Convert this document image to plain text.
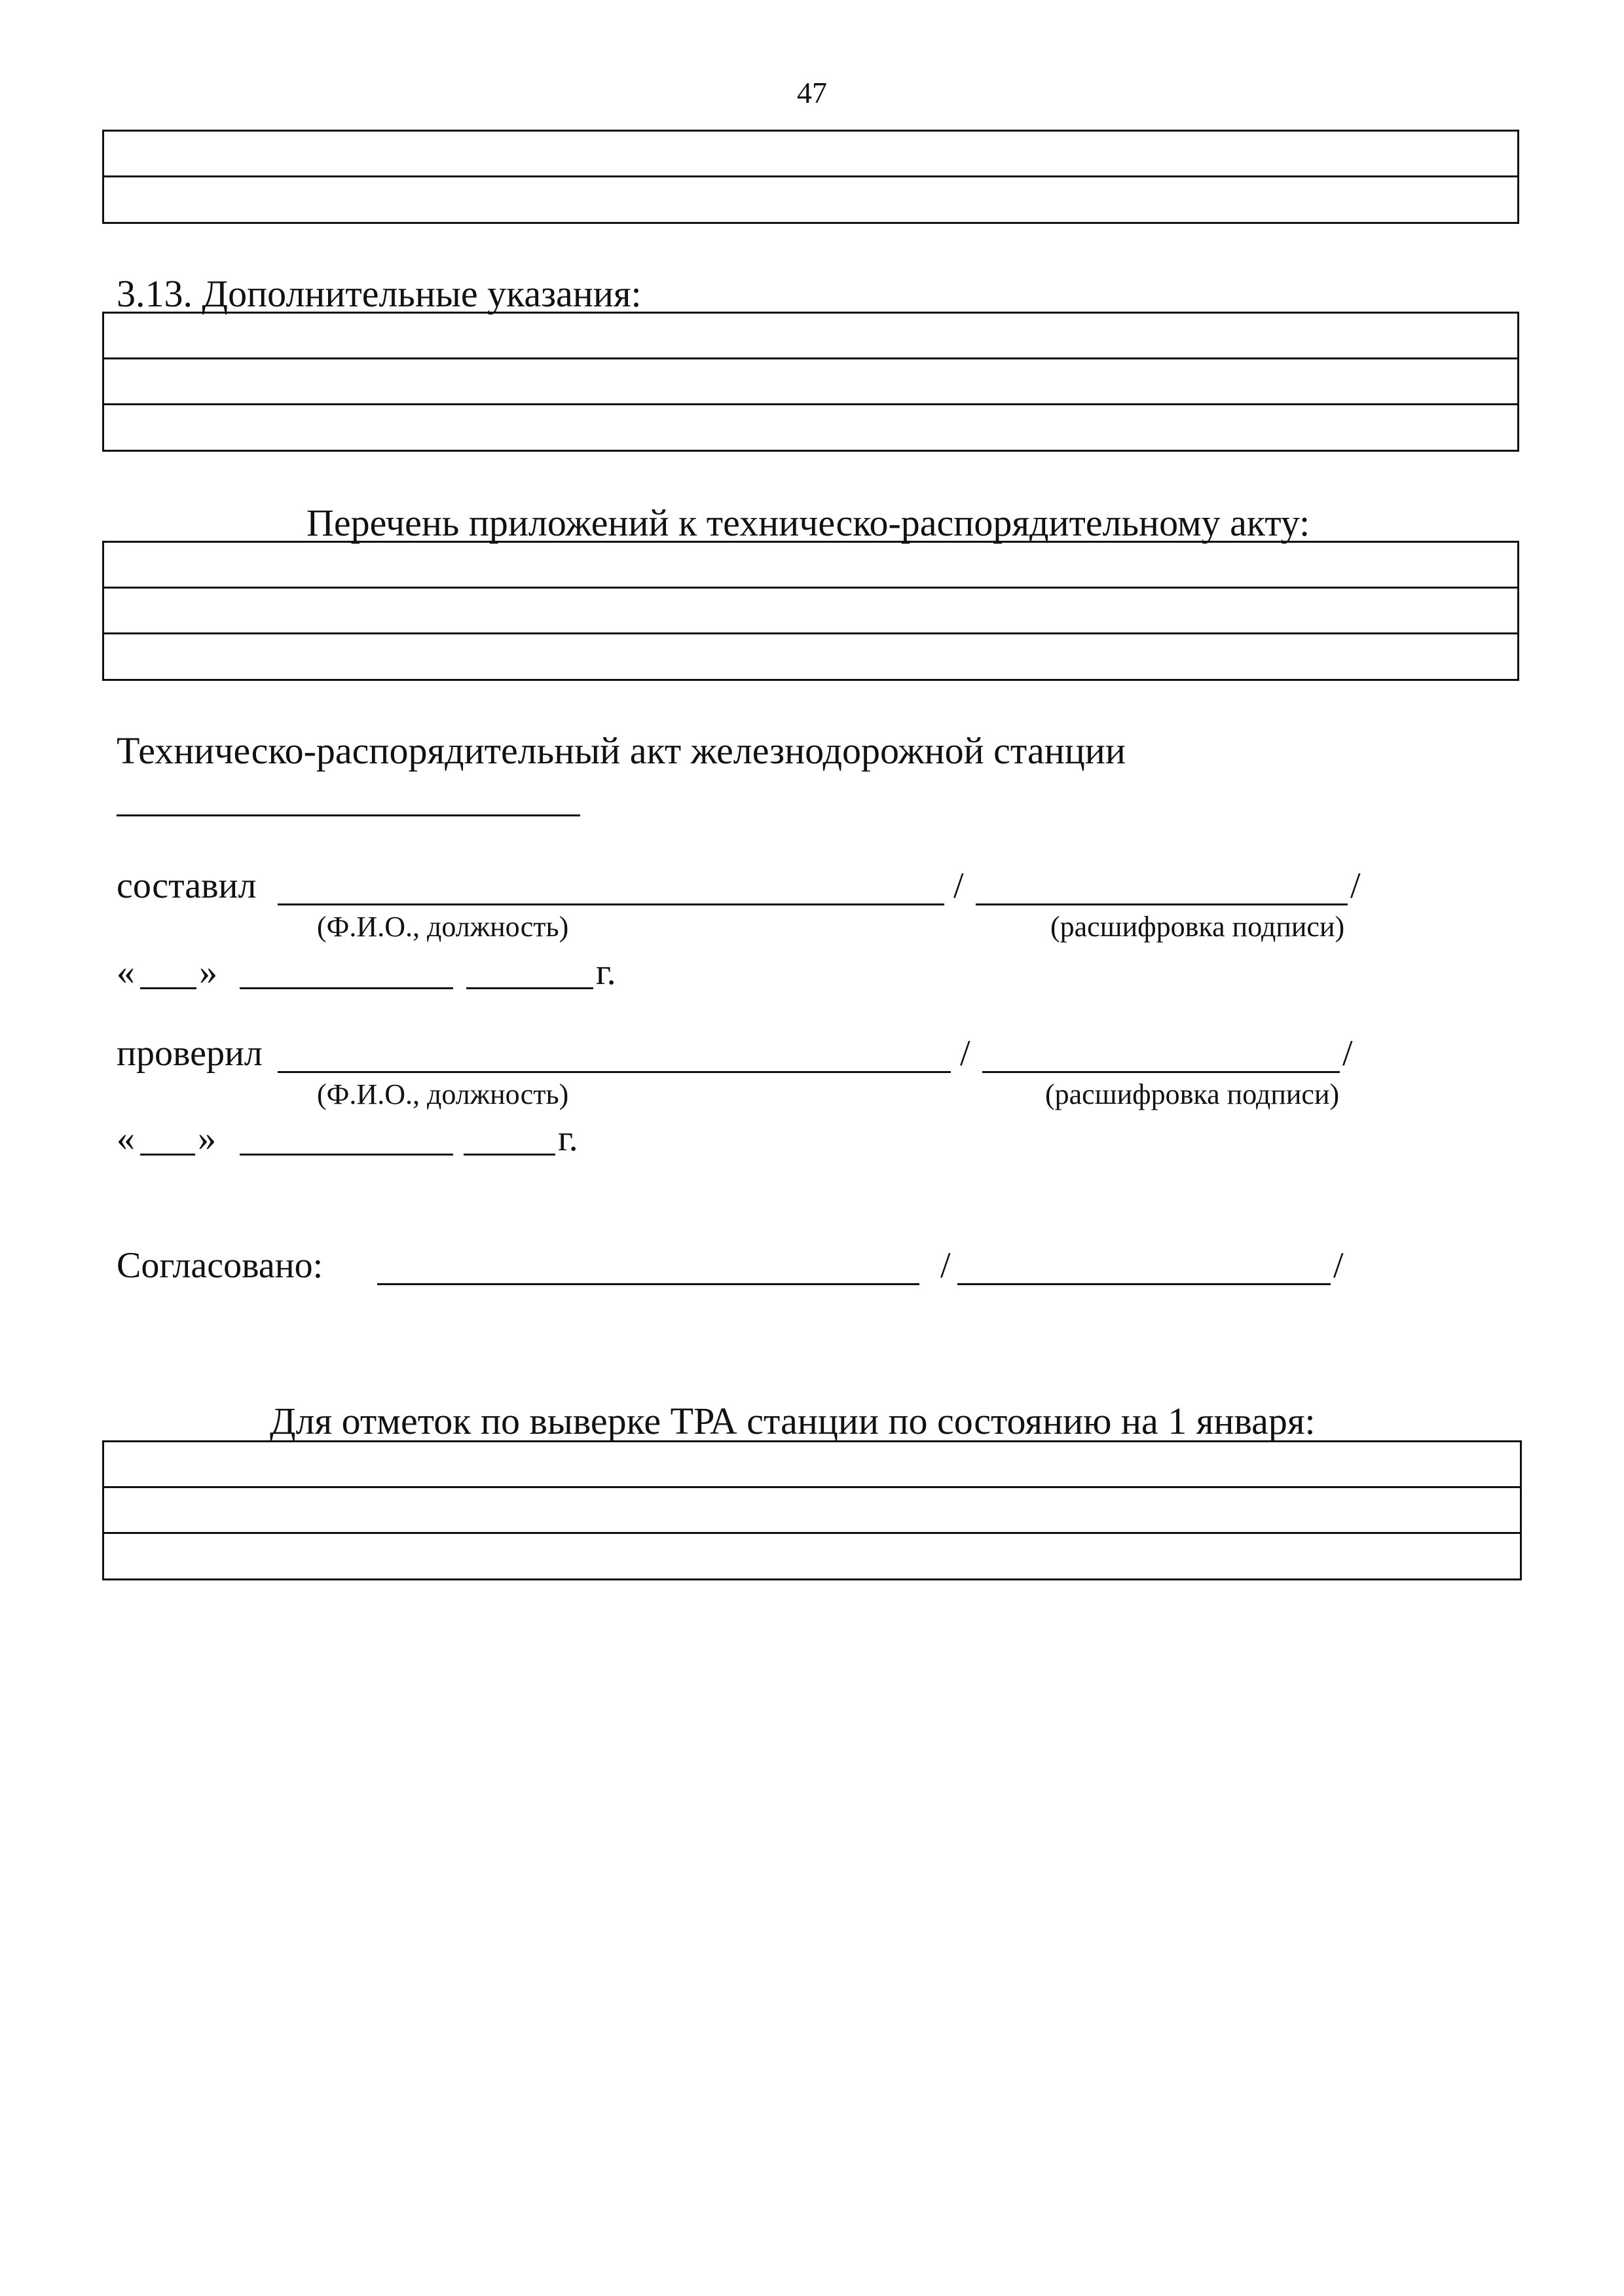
47
3.13. Дополнительные указания:
Перечень приложений к техническо-распорядительному акту:
Техническо-распорядительный акт железнодорожной станции
составил	/	/
(Ф.И.О., должность)	(расшифровка подписи)
« »	г.
проверил	/	/
(Ф.И.О., должность)	(расшифровка подписи)
« »	г.
Согласовано:	/	/
Для отметок по выверке ТРА станции по состоянию на 1 января:
